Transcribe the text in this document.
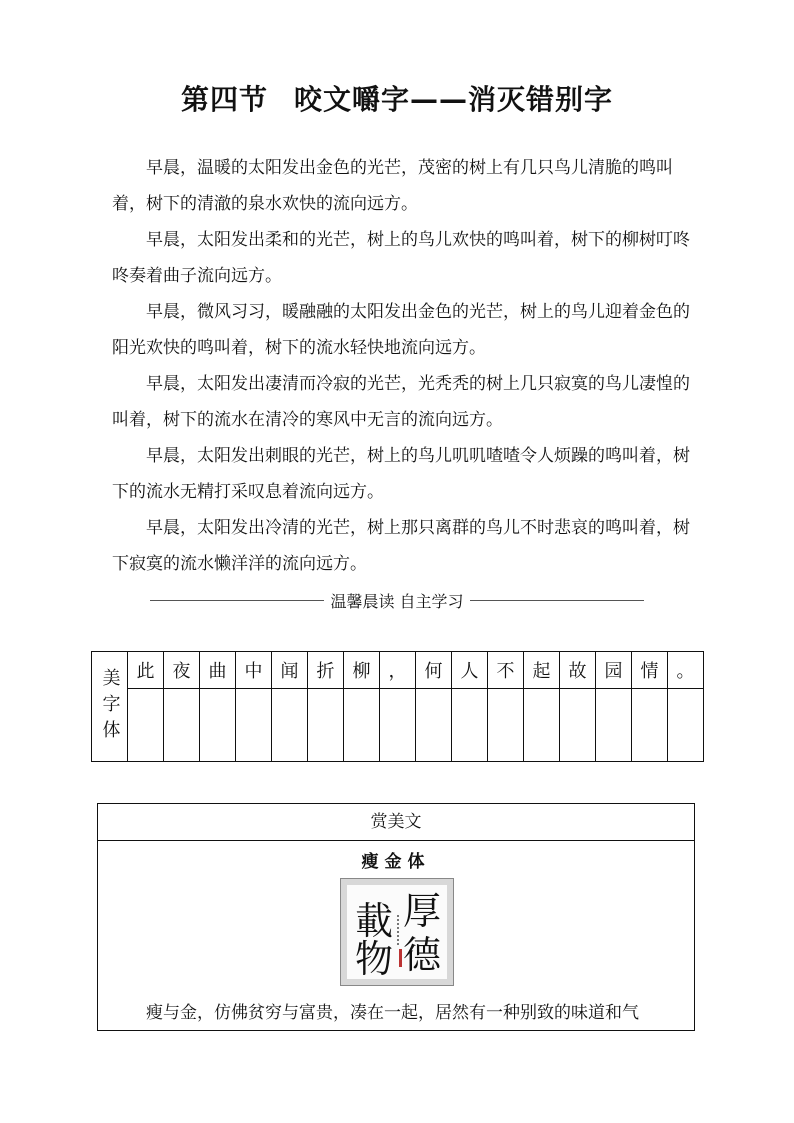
第四节 咬文嚼字——消灭错别字

早晨，温暖的太阳发出金色的光芒，茂密的树上有几只鸟儿清脆的鸣叫着，树下的清澈的泉水欢快的流向远方。

早晨，太阳发出柔和的光芒，树上的鸟儿欢快的鸣叫着，树下的柳树叮咚咚奏着曲子流向远方。

早晨，微风习习，暖融融的太阳发出金色的光芒，树上的鸟儿迎着金色的阳光欢快的鸣叫着，树下的流水轻快地流向远方。

早晨，太阳发出凄清而冷寂的光芒，光秃秃的树上几只寂寞的鸟儿凄惶的叫着，树下的流水在清冷的寒风中无言的流向远方。

早晨，太阳发出刺眼的光芒，树上的鸟儿叽叽喳喳令人烦躁的鸣叫着，树下的流水无精打采叹息着流向远方。

早晨，太阳发出冷清的光芒，树上那只离群的鸟儿不时悲哀的鸣叫着，树下寂寞的流水懒洋洋的流向远方。

温馨晨读 自主学习
美字体	此	夜	曲	中	闻	折	柳	，	何	人	不	起	故	园	情	。

赏美文
瘦金体
載 厚
物 德
瘦与金，仿佛贫穷与富贵，凑在一起，居然有一种别致的味道和气
